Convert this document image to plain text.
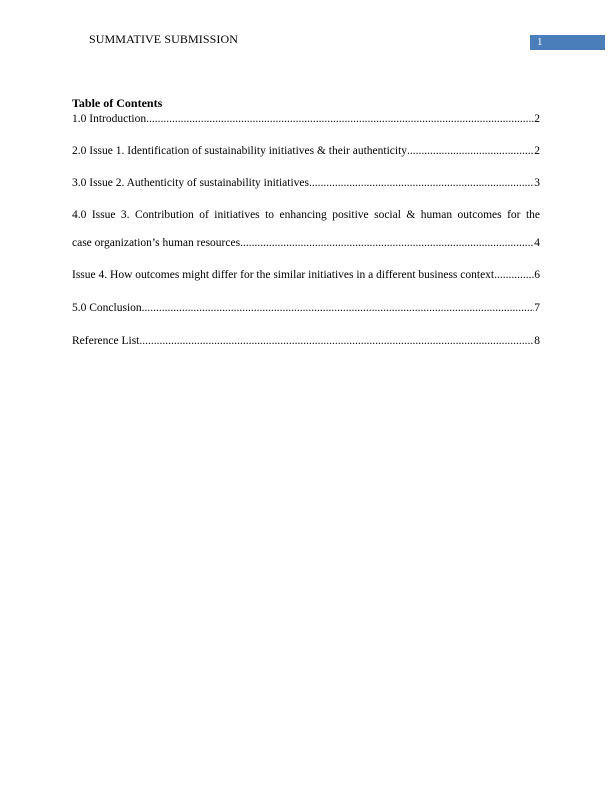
SUMMATIVE SUBMISSION	1
Table of Contents
1.0 Introduction .....	2
2.0 Issue 1. Identification of sustainability initiatives & their authenticity .....	2
3.0 Issue 2. Authenticity of sustainability initiatives .....	3
4.0 Issue 3. Contribution of initiatives to enhancing positive social & human outcomes for the
case organization’s human resources .....	4
Issue 4. How outcomes might differ for the similar initiatives in a different business context .....	6
5.0 Conclusion .....	7
Reference List .....	8
